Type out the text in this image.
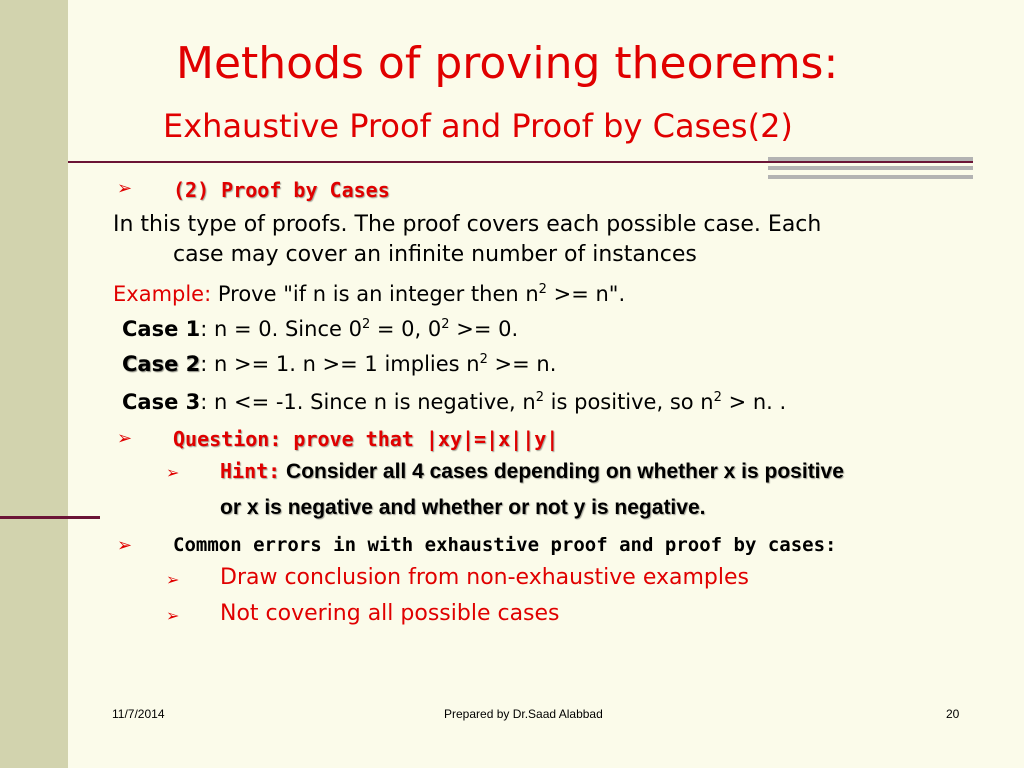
Methods of proving theorems:
Exhaustive Proof and Proof by Cases(2)
➢ (2) Proof by Cases
In this type of proofs. The proof covers each possible case. Each
case may cover an infinite number of instances
Example: Prove "if n is an integer then $n^2 >= n$".
Case 1: n = 0. Since $0^2 = 0$, $0^2 >= 0$.
Case 2: n >= 1. n >= 1 implies $n^2 >= n$.
Case 3: n <= -1. Since n is negative, $n^2$ is positive, so $n^2 > n$. .
➢ Question: prove that |xy|=|x||y|
➢ Hint: Consider all 4 cases depending on whether x is positive
or x is negative and whether or not y is negative.
➢ Common errors in with exhaustive proof and proof by cases:
➢ Draw conclusion from non-exhaustive examples
➢ Not covering all possible cases
11/7/2014	Prepared by Dr.Saad Alabbad	20
